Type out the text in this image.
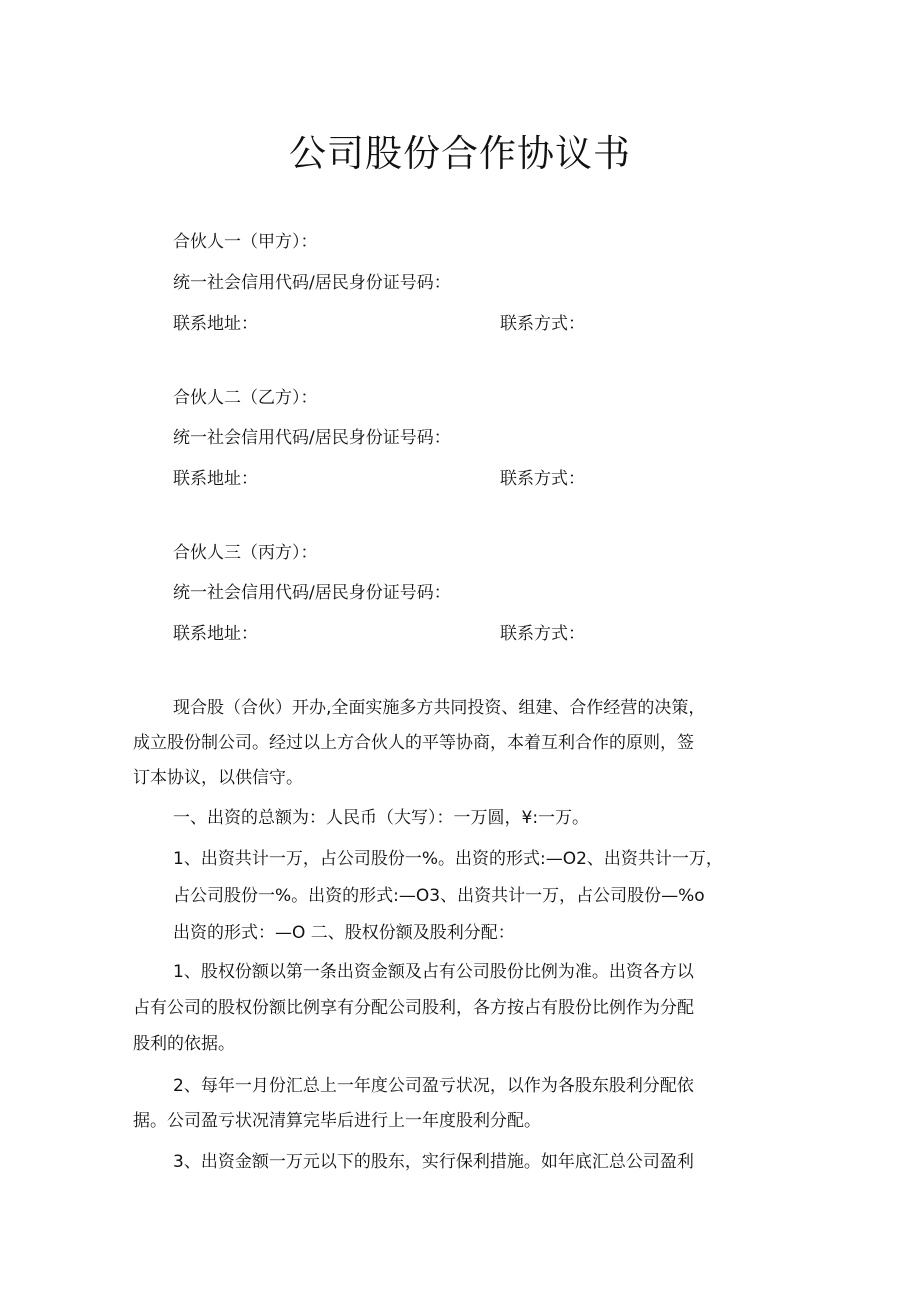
公司股份合作协议书
合伙人一（甲方）：
统一社会信用代码/居民身份证号码：
联系地址：	联系方式：
合伙人二（乙方）：
统一社会信用代码/居民身份证号码：
联系地址：	联系方式：
合伙人三（丙方）：
统一社会信用代码/居民身份证号码：
联系地址：	联系方式：
现合股（合伙）开办,全面实施多方共同投资、组建、合作经营的决策，
成立股份制公司。经过以上方合伙人的平等协商，本着互利合作的原则，签
订本协议，以供信守。
一、出资的总额为：人民币（大写）：一万圆，¥:一万。
1、出资共计一万，占公司股份一%。出资的形式:—O2、出资共计一万，
占公司股份一%。出资的形式:—O3、出资共计一万，占公司股份—%o
出资的形式：—O 二、股权份额及股利分配：
1、股权份额以第一条出资金额及占有公司股份比例为准。出资各方以
占有公司的股权份额比例享有分配公司股利，各方按占有股份比例作为分配
股利的依据。
2、每年一月份汇总上一年度公司盈亏状况，以作为各股东股利分配依
据。公司盈亏状况清算完毕后进行上一年度股利分配。
3、出资金额一万元以下的股东，实行保利措施。如年底汇总公司盈利
